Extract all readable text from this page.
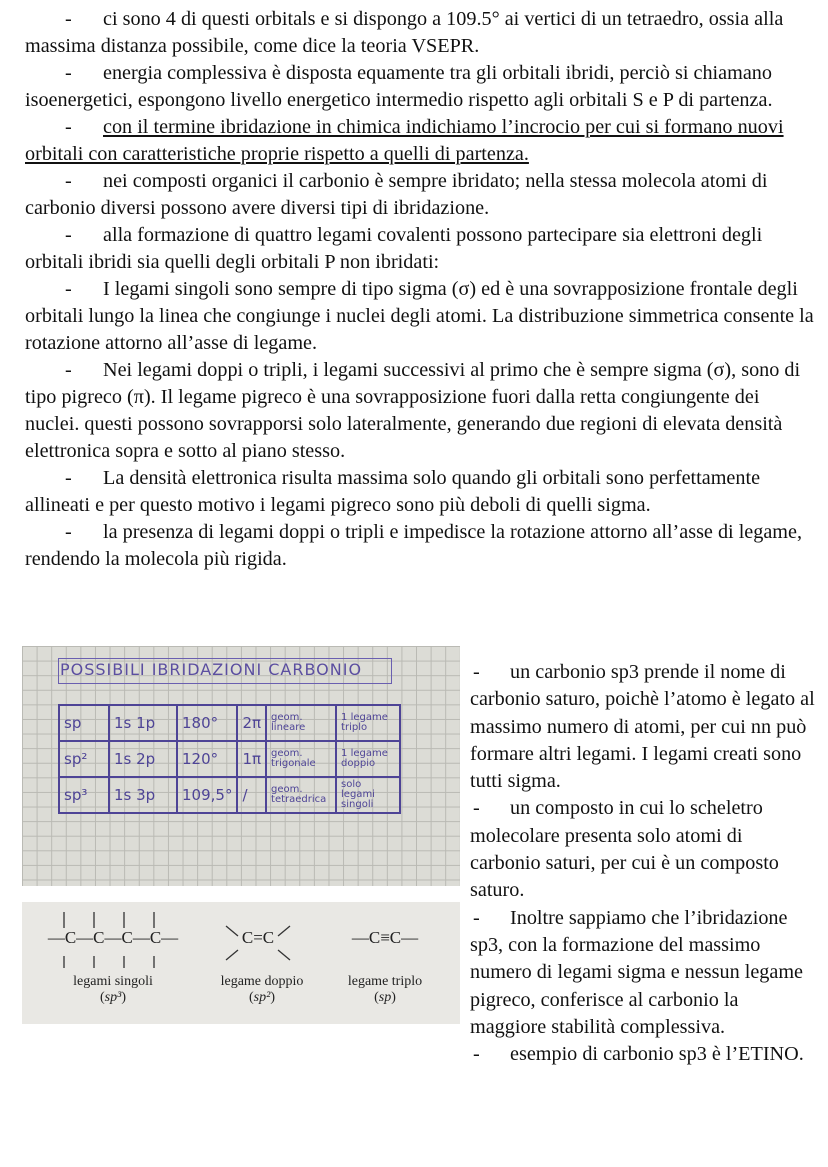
- ci sono 4 di questi orbitals e si dispongo a 109.5° ai vertici di un tetraedro, ossia alla massima distanza possibile, come dice la teoria VSEPR.

- energia complessiva è disposta equamente tra gli orbitali ibridi, perciò si chiamano isoenergetici, espongono livello energetico intermedio rispetto agli orbitali S e P di partenza.

- con il termine ibridazione in chimica indichiamo l’incrocio per cui si formano nuovi orbitali con caratteristiche proprie rispetto a quelli di partenza.

- nei composti organici il carbonio è sempre ibridato; nella stessa molecola atomi di carbonio diversi possono avere diversi tipi di ibridazione.

- alla formazione di quattro legami covalenti possono partecipare sia elettroni degli orbitali ibridi sia quelli degli orbitali P non ibridati:

- I legami singoli sono sempre di tipo sigma (σ) ed è una sovrapposizione frontale degli orbitali lungo la linea che congiunge i nuclei degli atomi. La distribuzione simmetrica consente la rotazione attorno all’asse di legame.

- Nei legami doppi o tripli, i legami successivi al primo che è sempre sigma (σ), sono di tipo pigreco (π). Il legame pigreco è una sovrapposizione fuori dalla retta congiungente dei nuclei. questi possono sovrapporsi solo lateralmente, generando due regioni di elevata densità elettronica sopra e sotto al piano stesso.

- La densità elettronica risulta massima solo quando gli orbitali sono perfettamente allineati e per questo motivo i legami pigreco sono più deboli di quelli sigma.

- la presenza di legami doppi o tripli e impedisce la rotazione attorno all’asse di legame, rendendo la molecola più rigida.

POSSIBILI IBRIDAZIONI CARBONIO
sp	1s 1p	180°	2π	geom. lineare	1 legame triplo
sp²	1s 2p	120°	1π	geom. trigonale	1 legame doppio
sp³	1s 3p	109,5°	/	geom. tetraedrica	solo legami singoli
—C—C—C—C—	C=C	—C≡C—
legami singoli
(sp³)
legame doppio
(sp²)
legame triplo
(sp)

- un carbonio sp3 prende il nome di carbonio saturo, poichè l’atomo è legato al massimo numero di atomi, per cui nn può formare altri legami. I legami creati sono tutti sigma.

- un composto in cui lo scheletro molecolare presenta solo atomi di carbonio saturi, per cui è un composto saturo.

- Inoltre sappiamo che l’ibridazione sp3, con la formazione del massimo numero di legami sigma e nessun legame pigreco, conferisce al carbonio la maggiore stabilità complessiva.

- esempio di carbonio sp3 è l’ETINO.
